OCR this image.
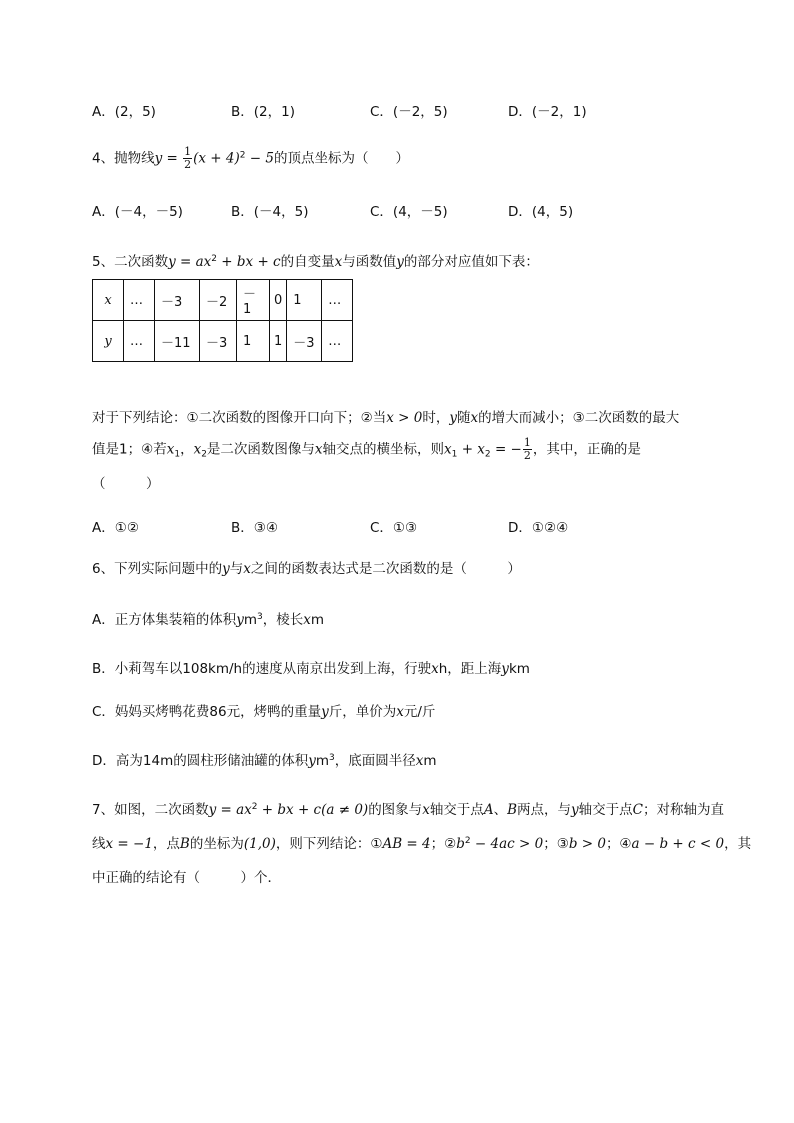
A．(2，5)	B．(2，1)	C．(－2，5)	D．(－2，1)
4、抛物线$y = \frac{1}{2} (x + 4)^2 - 5$的顶点坐标为（　　）
A．(－4，－5)	B．(－4，5)	C．(4，－5)	D．(4，5)
5、二次函数$y = ax^2$ + bx + c的自变量x与函数值y的部分对应值如下表：
x	…	－3	－2	－1	0	1	…
y	…	－11	－3	1	1	－3	…
对于下列结论：①二次函数的图像开口向下；②当x > 0时，y随x的增大而减小；③二次函数的最大
值是1；④若$x_1$，$x_2$是二次函数图像与x轴交点的横坐标，则$x_1 + x_2$ = − $\frac{1}{2}$ ，其中，正确的是
（　　　）
A．①②	B．③④	C．①③	D．①②④
6、下列实际问题中的y与x之间的函数表达式是二次函数的是（　　　）
A．正方体集装箱的体积$ym^3$，棱长xm
B．小莉驾车以108km/h的速度从南京出发到上海，行驶xh，距上海ykm
C．妈妈买烤鸭花费86元，烤鸭的重量y斤，单价为x元/斤
D．高为14m的圆柱形储油罐的体积$ym^3$，底面圆半径xm
7、如图，二次函数$y = ax^2$ + bx + c(a ≠ 0)的图象与x轴交于点A、B两点，与y轴交于点C；对称轴为直
线x = −1，点B的坐标为(1,0)，则下列结论：①AB = 4；$②b^2 - 4ac > 0$；③b > 0；④a − b + c < 0，其
中正确的结论有（　　　）个．
